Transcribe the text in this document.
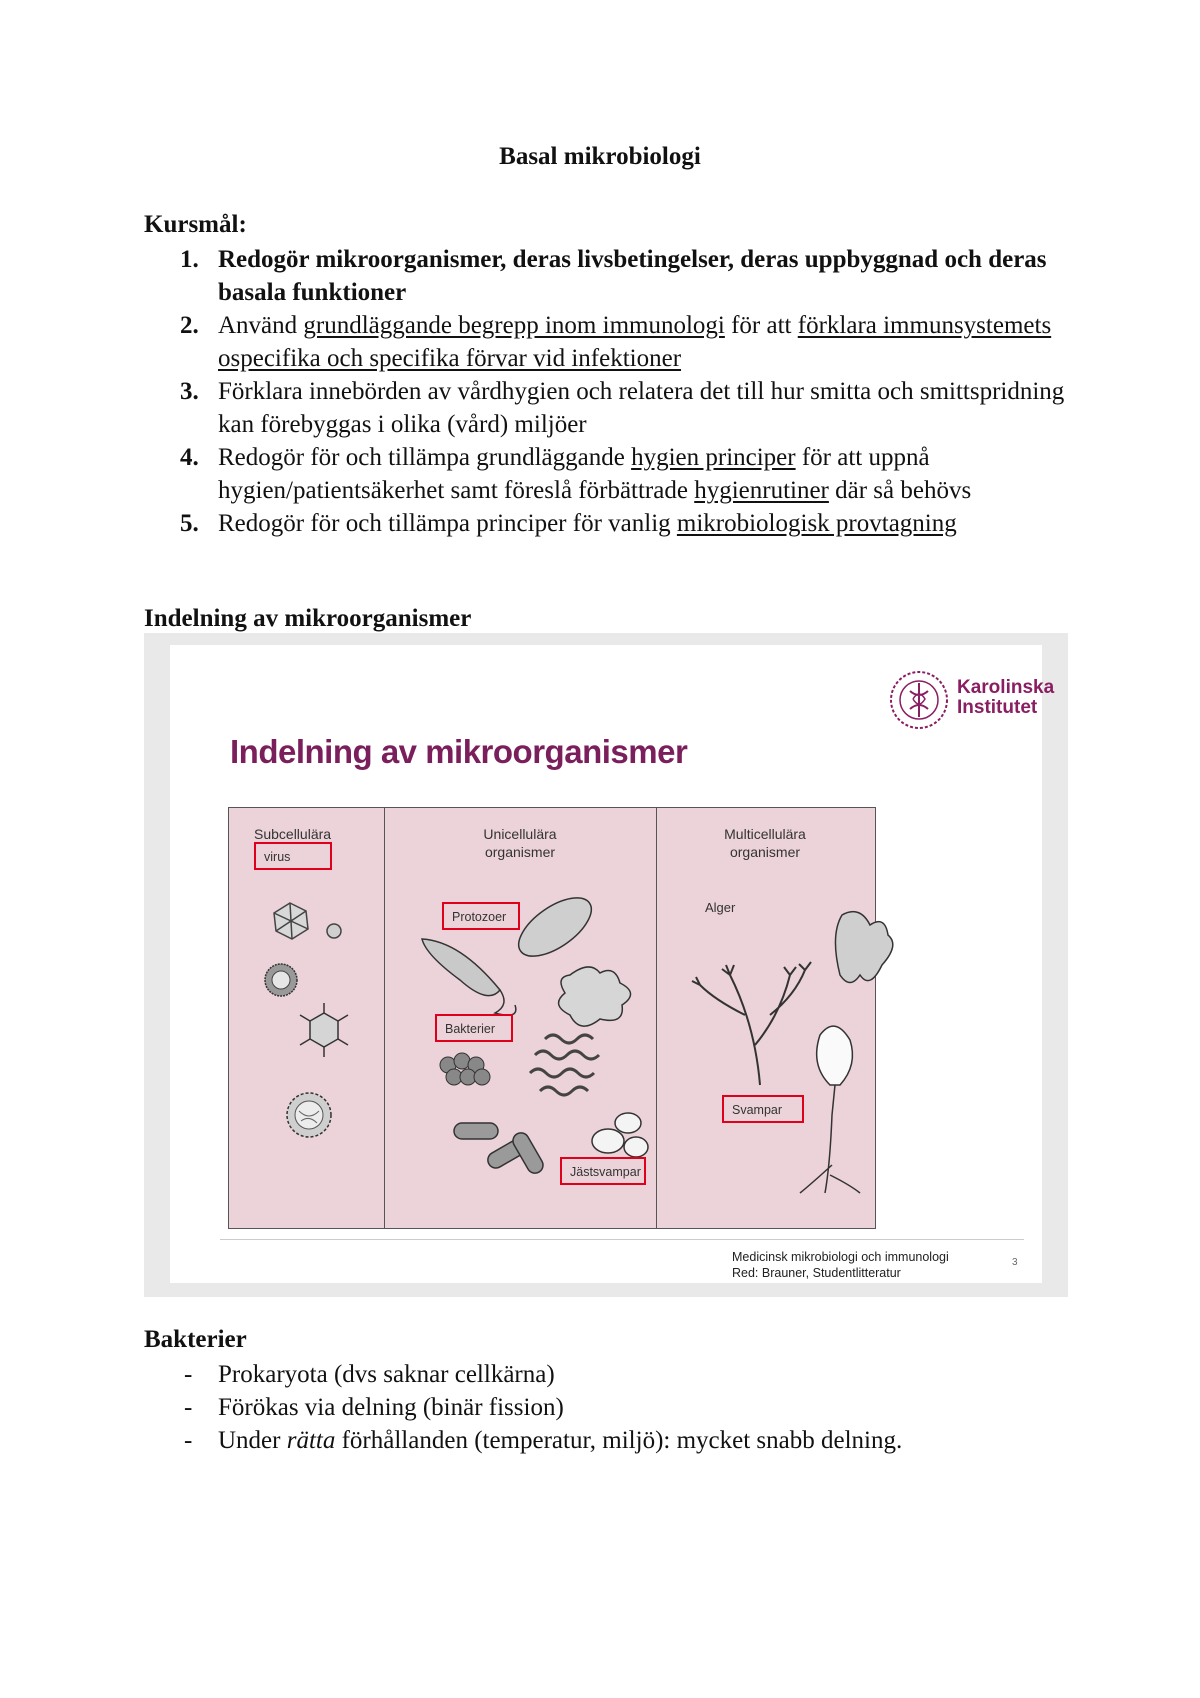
Basal mikrobiologi
Kursmål:
1. Redogör mikroorganismer, deras livsbetingelser, deras uppbyggnad och deras basala funktioner
2. Använd grundläggande begrepp inom immunologi för att förklara immunsystemets ospecifika och specifika förvar vid infektioner
3. Förklara innebörden av vårdhygien och relatera det till hur smitta och smittspridning kan förebyggas i olika (vård) miljöer
4. Redogör för och tillämpa grundläggande hygien principer för att uppnå hygien/patientsäkerhet samt föreslå förbättrade hygienrutiner där så behövs
5. Redogör för och tillämpa principer för vanlig mikrobiologisk provtagning
Indelning av mikroorganismer
Karolinska
Institutet
Indelning av mikroorganismer
Subcellulära	Unicellulära
organismer
Multicellulära
organismer
virus
Protozoer
Bakterier
Jästsvampar
Svampar
Alger
Medicinsk mikrobiologi och immunologi
Red: Brauner, Studentlitteratur
3
Bakterier
- Prokaryota (dvs saknar cellkärna)
- Förökas via delning (binär fission)
- Under rätta förhållanden (temperatur, miljö): mycket snabb delning.
